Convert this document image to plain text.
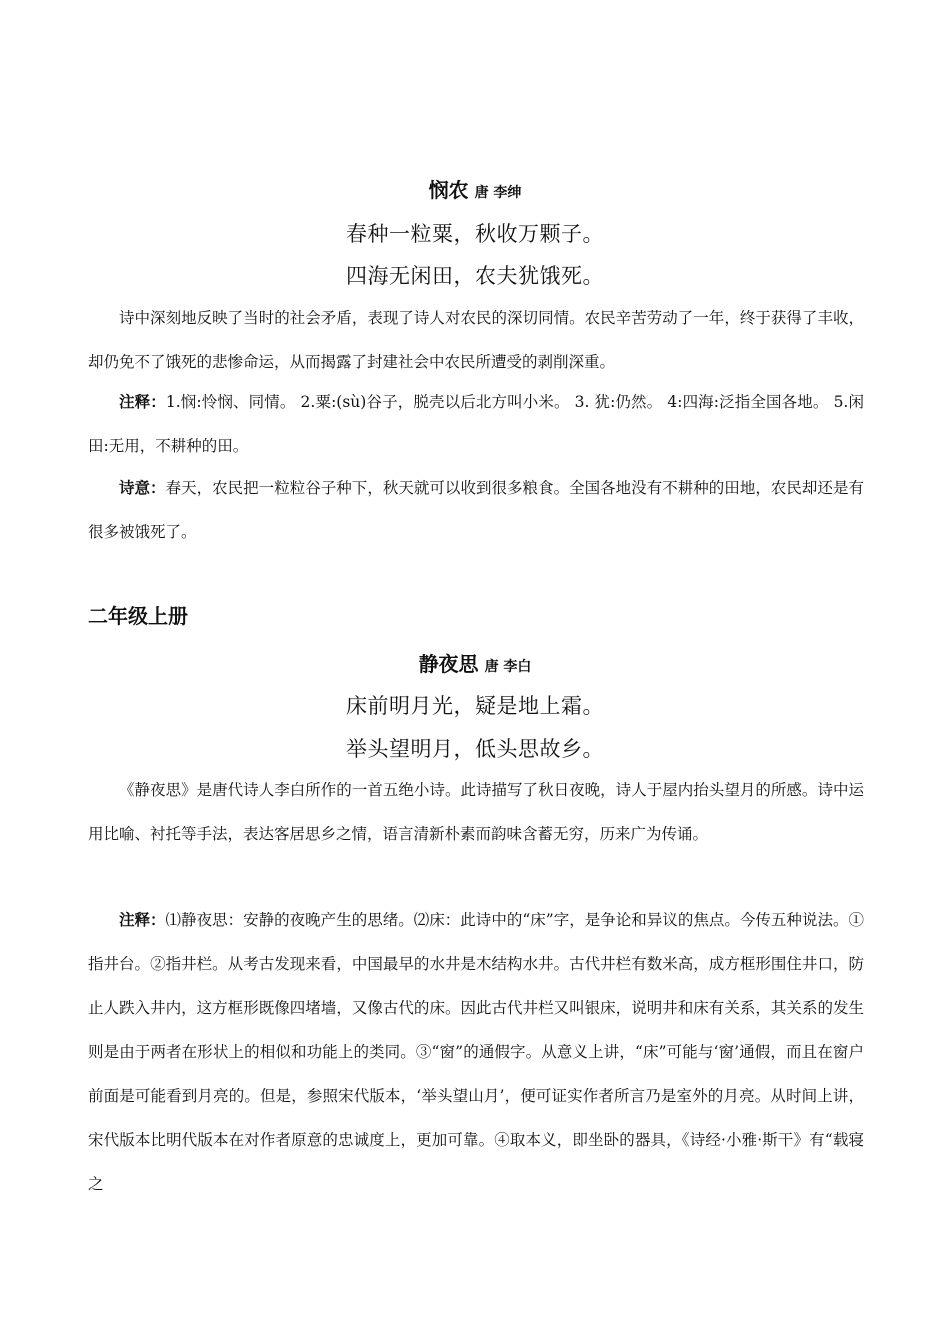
悯农 唐 李绅
春种一粒粟，秋收万颗子。
四海无闲田，农夫犹饿死。
诗中深刻地反映了当时的社会矛盾，表现了诗人对农民的深切同情。农民辛苦劳动了一年，终于获得了丰收，却仍免不了饿死的悲惨命运，从而揭露了封建社会中农民所遭受的剥削深重。
注释：1.悯:怜悯、同情。 2.粟:(sù)谷子，脱壳以后北方叫小米。 3. 犹:仍然。 4:四海:泛指全国各地。 5.闲田:无用，不耕种的田。
诗意：春天，农民把一粒粒谷子种下，秋天就可以收到很多粮食。全国各地没有不耕种的田地，农民却还是有很多被饿死了。
二年级上册
静夜思 唐 李白
床前明月光，疑是地上霜。
举头望明月，低头思故乡。
《静夜思》是唐代诗人李白所作的一首五绝小诗。此诗描写了秋日夜晚，诗人于屋内抬头望月的所感。诗中运用比喻、衬托等手法，表达客居思乡之情，语言清新朴素而韵味含蓄无穷，历来广为传诵。
注释：⑴静夜思：安静的夜晚产生的思绪。⑵床：此诗中的“床”字，是争论和异议的焦点。今传五种说法。①指井台。②指井栏。从考古发现来看，中国最早的水井是木结构水井。古代井栏有数米高，成方框形围住井口，防止人跌入井内，这方框形既像四堵墙，又像古代的床。因此古代井栏又叫银床，说明井和床有关系，其关系的发生则是由于两者在形状上的相似和功能上的类同。③“窗”的通假字。从意义上讲，“床”可能与‘窗’通假，而且在窗户前面是可能看到月亮的。但是，参照宋代版本，‘举头望山月’，便可证实作者所言乃是室外的月亮。从时间上讲，宋代版本比明代版本在对作者原意的忠诚度上，更加可靠。④取本义，即坐卧的器具，《诗经·小雅·斯干》有“载寝之
